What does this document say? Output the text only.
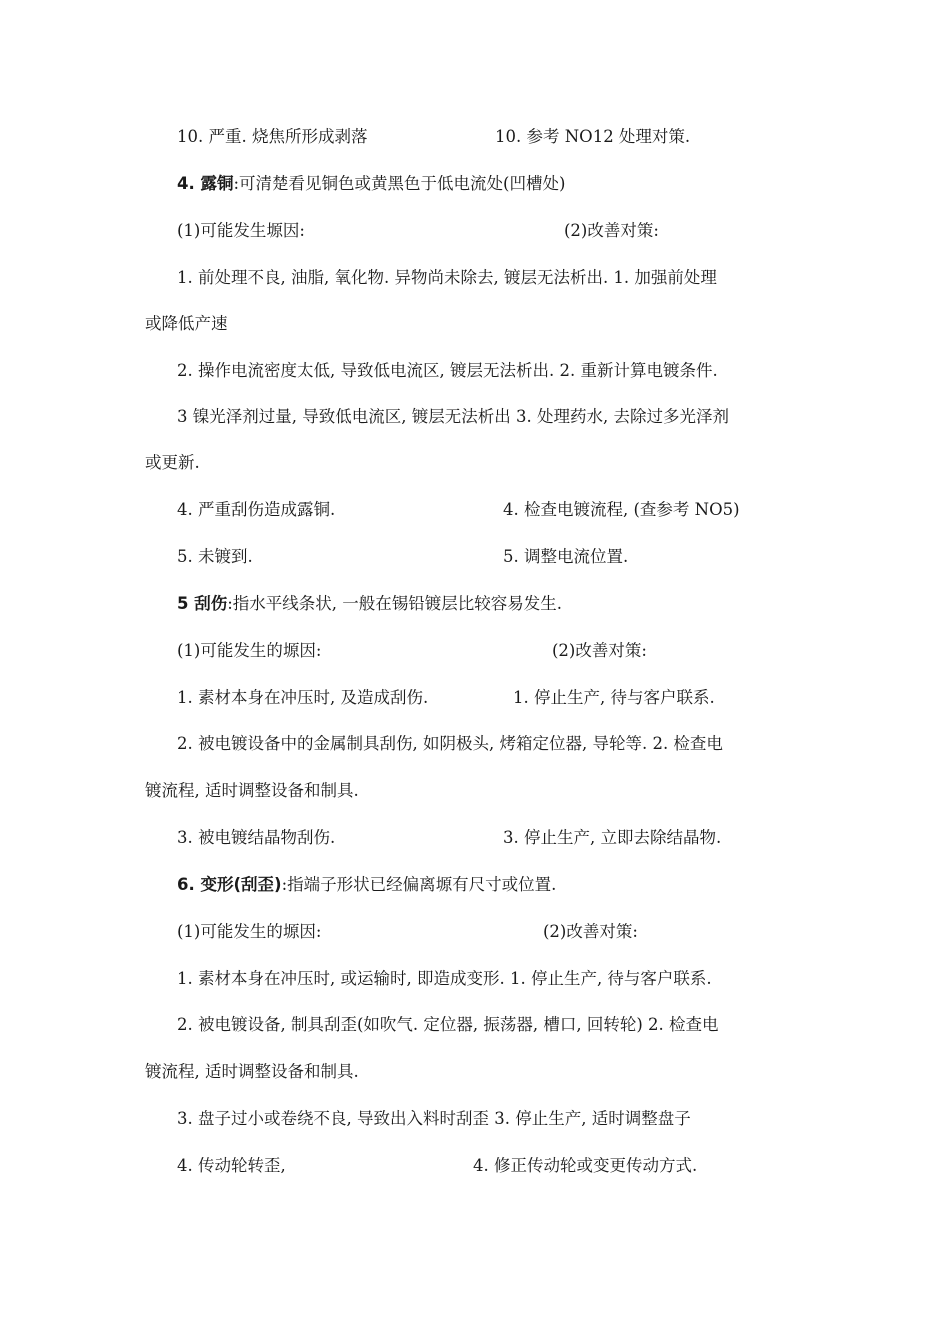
10. 严重. 烧焦所形成剥落	10. 参考 NO12 处理对策.
4. 露铜:可清楚看见铜色或黄黑色于低电流处(凹槽处)
(1)可能发生塬因:	(2)改善对策:
1. 前处理不良, 油脂, 氧化物. 异物尚未除去, 镀层无法析出. 1. 加强前处理
或降低产速
2. 操作电流密度太低, 导致低电流区, 镀层无法析出. 2. 重新计算电镀条件.
3 镍光泽剂过量, 导致低电流区, 镀层无法析出 3. 处理药水, 去除过多光泽剂
或更新.
4. 严重刮伤造成露铜.	4. 检查电镀流程, (查参考 NO5)
5. 未镀到.	5. 调整电流位置.
5 刮伤:指水平线条状, 一般在锡铅镀层比较容易发生.
(1)可能发生的塬因:	(2)改善对策:
1. 素材本身在冲压时, 及造成刮伤.	1. 停止生产, 待与客户联系.
2. 被电镀设备中的金属制具刮伤, 如阴极头, 烤箱定位器, 导轮等. 2. 检查电
镀流程, 适时调整设备和制具.
3. 被电镀结晶物刮伤.	3. 停止生产, 立即去除结晶物.
6. 变形(刮歪):指端子形状已经偏离塬有尺寸或位置.
(1)可能发生的塬因:	(2)改善对策:
1. 素材本身在冲压时, 或运输时, 即造成变形. 1. 停止生产, 待与客户联系.
2. 被电镀设备, 制具刮歪(如吹气. 定位器, 振荡器, 槽口, 回转轮) 2. 检查电
镀流程, 适时调整设备和制具.
3. 盘子过小或卷绕不良, 导致出入料时刮歪 3. 停止生产, 适时调整盘子
4. 传动轮转歪,	4. 修正传动轮或变更传动方式.
